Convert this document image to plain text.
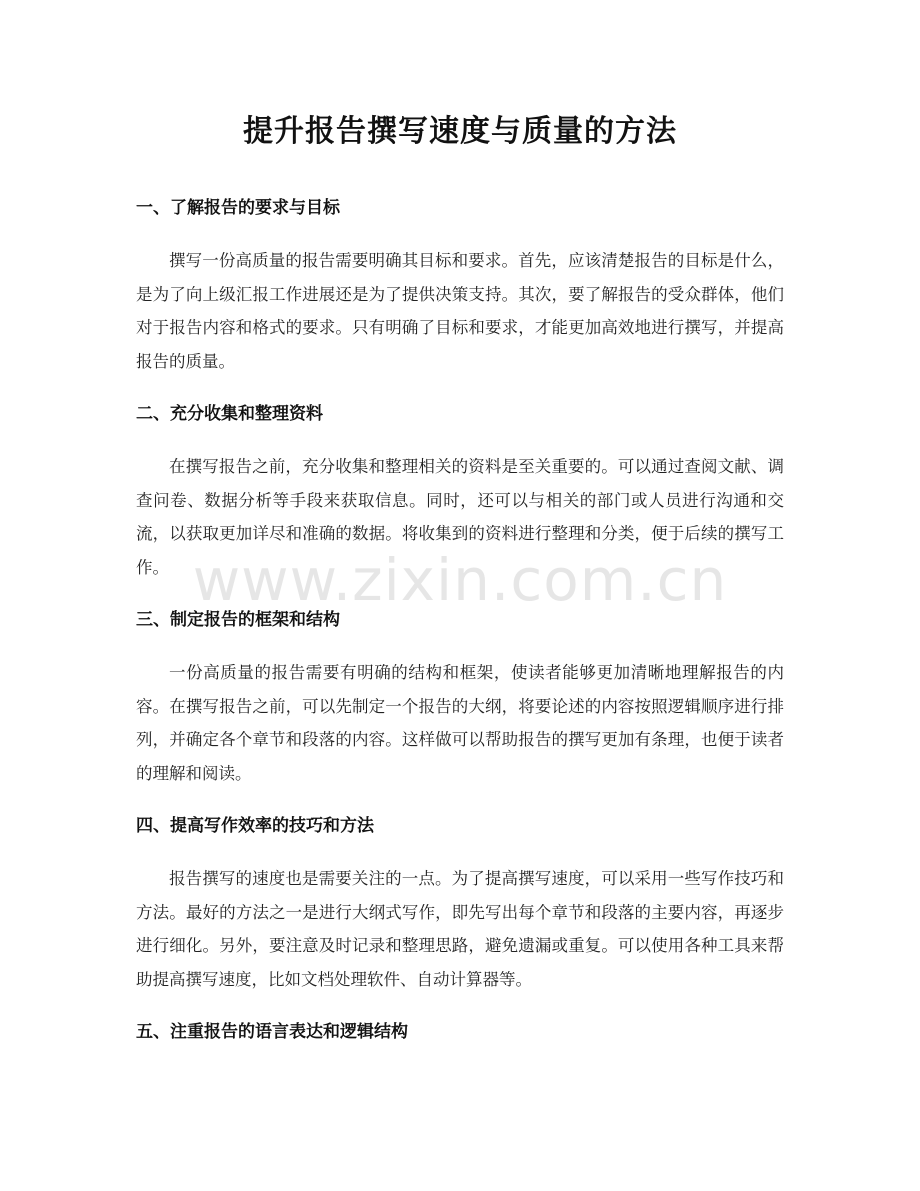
提升报告撰写速度与质量的方法
一、了解报告的要求与目标

撰写一份高质量的报告需要明确其目标和要求。首先，应该清楚报告的目标是什么，是为了向上级汇报工作进展还是为了提供决策支持。其次，要了解报告的受众群体，他们对于报告内容和格式的要求。只有明确了目标和要求，才能更加高效地进行撰写，并提高报告的质量。

二、充分收集和整理资料

在撰写报告之前，充分收集和整理相关的资料是至关重要的。可以通过查阅文献、调查问卷、数据分析等手段来获取信息。同时，还可以与相关的部门或人员进行沟通和交流，以获取更加详尽和准确的数据。将收集到的资料进行整理和分类，便于后续的撰写工作。

三、制定报告的框架和结构

一份高质量的报告需要有明确的结构和框架，使读者能够更加清晰地理解报告的内容。在撰写报告之前，可以先制定一个报告的大纲，将要论述的内容按照逻辑顺序进行排列，并确定各个章节和段落的内容。这样做可以帮助报告的撰写更加有条理，也便于读者的理解和阅读。

四、提高写作效率的技巧和方法

报告撰写的速度也是需要关注的一点。为了提高撰写速度，可以采用一些写作技巧和方法。最好的方法之一是进行大纲式写作，即先写出每个章节和段落的主要内容，再逐步进行细化。另外，要注意及时记录和整理思路，避免遗漏或重复。可以使用各种工具来帮助提高撰写速度，比如文档处理软件、自动计算器等。

五、注重报告的语言表达和逻辑结构
www.zixin.com.cn
